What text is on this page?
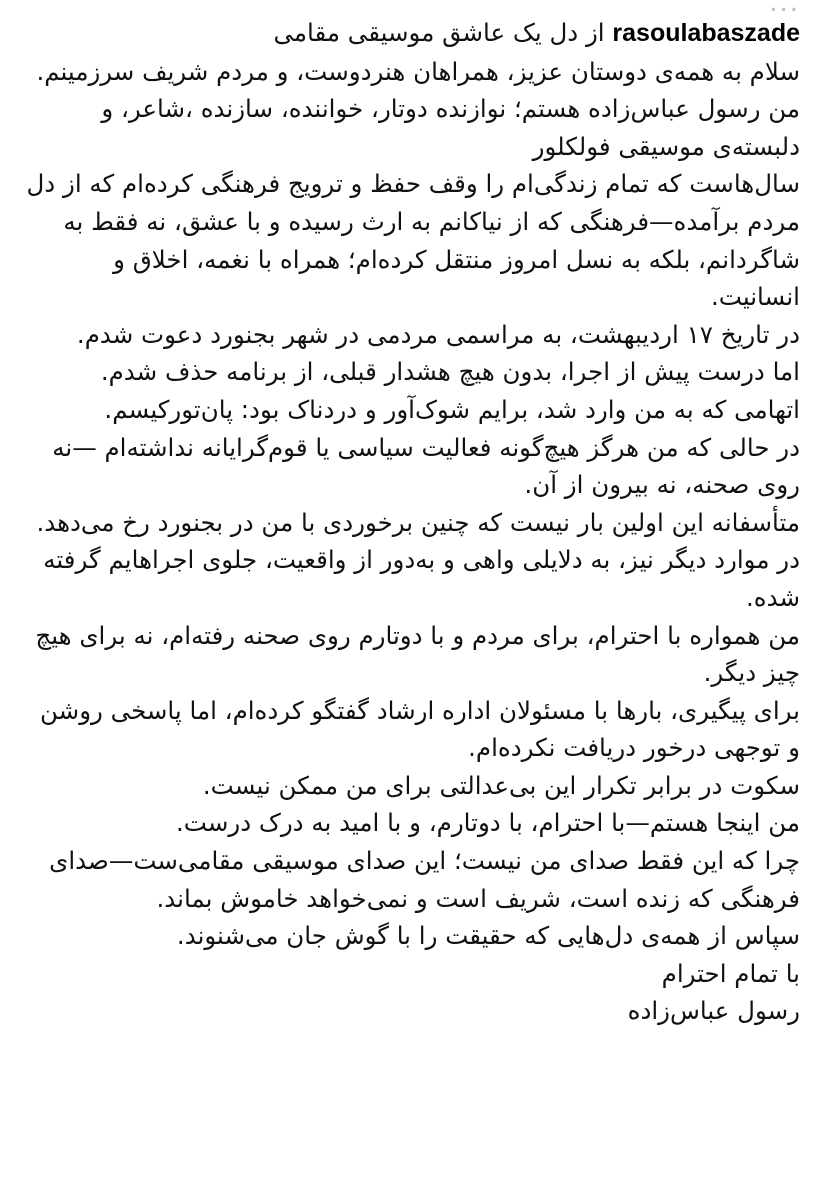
...

rasoulabaszade از دل یک عاشق موسیقی مقامی

سلام به همه‌ی دوستان عزیز، همراهان هنردوست، و مردم شریف سرزمینم.

من رسول عباس‌زاده هستم؛ نوازنده دوتار، خواننده، سازنده ،شاعر، و دلبسته‌ی موسیقی فولکلور

سال‌هاست که تمام زندگی‌ام را وقف حفظ و ترویج فرهنگی کرده‌ام که از دل مردم برآمده—فرهنگی که از نیاکانم به ارث رسیده و با عشق، نه فقط به شاگردانم، بلکه به نسل امروز منتقل کرده‌ام؛ همراه با نغمه، اخلاق و انسانیت.

در تاریخ ۱۷ اردیبهشت، به مراسمی مردمی در شهر بجنورد دعوت شدم.

اما درست پیش از اجرا، بدون هیچ هشدار قبلی، از برنامه حذف شدم.

اتهامی که به من وارد شد، برایم شوک‌آور و دردناک بود: پان‌تورکیسم.

در حالی که من هرگز هیچ‌گونه فعالیت سیاسی یا قوم‌گرایانه نداشته‌ام —نه روی صحنه، نه بیرون از آن.

متأسفانه این اولین بار نیست که چنین برخوردی با من در بجنورد رخ می‌دهد.

در موارد دیگر نیز، به دلایلی واهی و به‌دور از واقعیت، جلوی اجراهایم گرفته شده.

من همواره با احترام، برای مردم و با دوتارم روی صحنه رفته‌ام، نه برای هیچ چیز دیگر.

برای پیگیری، بارها با مسئولان اداره ارشاد گفتگو کرده‌ام، اما پاسخی روشن و توجهی درخور دریافت نکرده‌ام.

سکوت در برابر تکرار این بی‌عدالتی برای من ممکن نیست.

من اینجا هستم—با احترام، با دوتارم، و با امید به درک درست.

چرا که این فقط صدای من نیست؛ این صدای موسیقی مقامی‌ست—صدای فرهنگی که زنده است، شریف است و نمی‌خواهد خاموش بماند.

سپاس از همه‌ی دل‌هایی که حقیقت را با گوش جان می‌شنوند.

با تمام احترام

رسول عباس‌زاده
